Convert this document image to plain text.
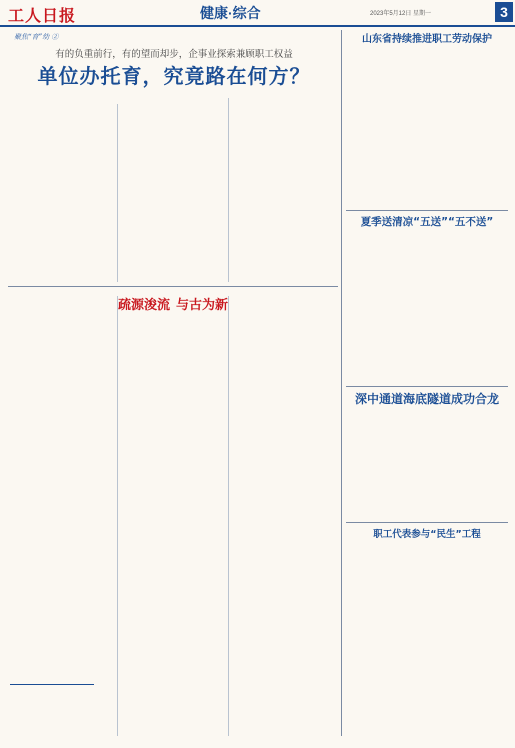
工人日报	健康·综合	2023年5月12日 星期一	3
聚焦“育”幼 ②
有的负重前行，有的望而却步，企事业探索兼顾职工权益
单位办托育，究竟路在何方？
山东省持续推进职工劳动保护
夏季送清凉“五送”“五不送”
深中通道海底隧道成功合龙
职工代表参与“民生”工程
疏源浚流 与古为新
